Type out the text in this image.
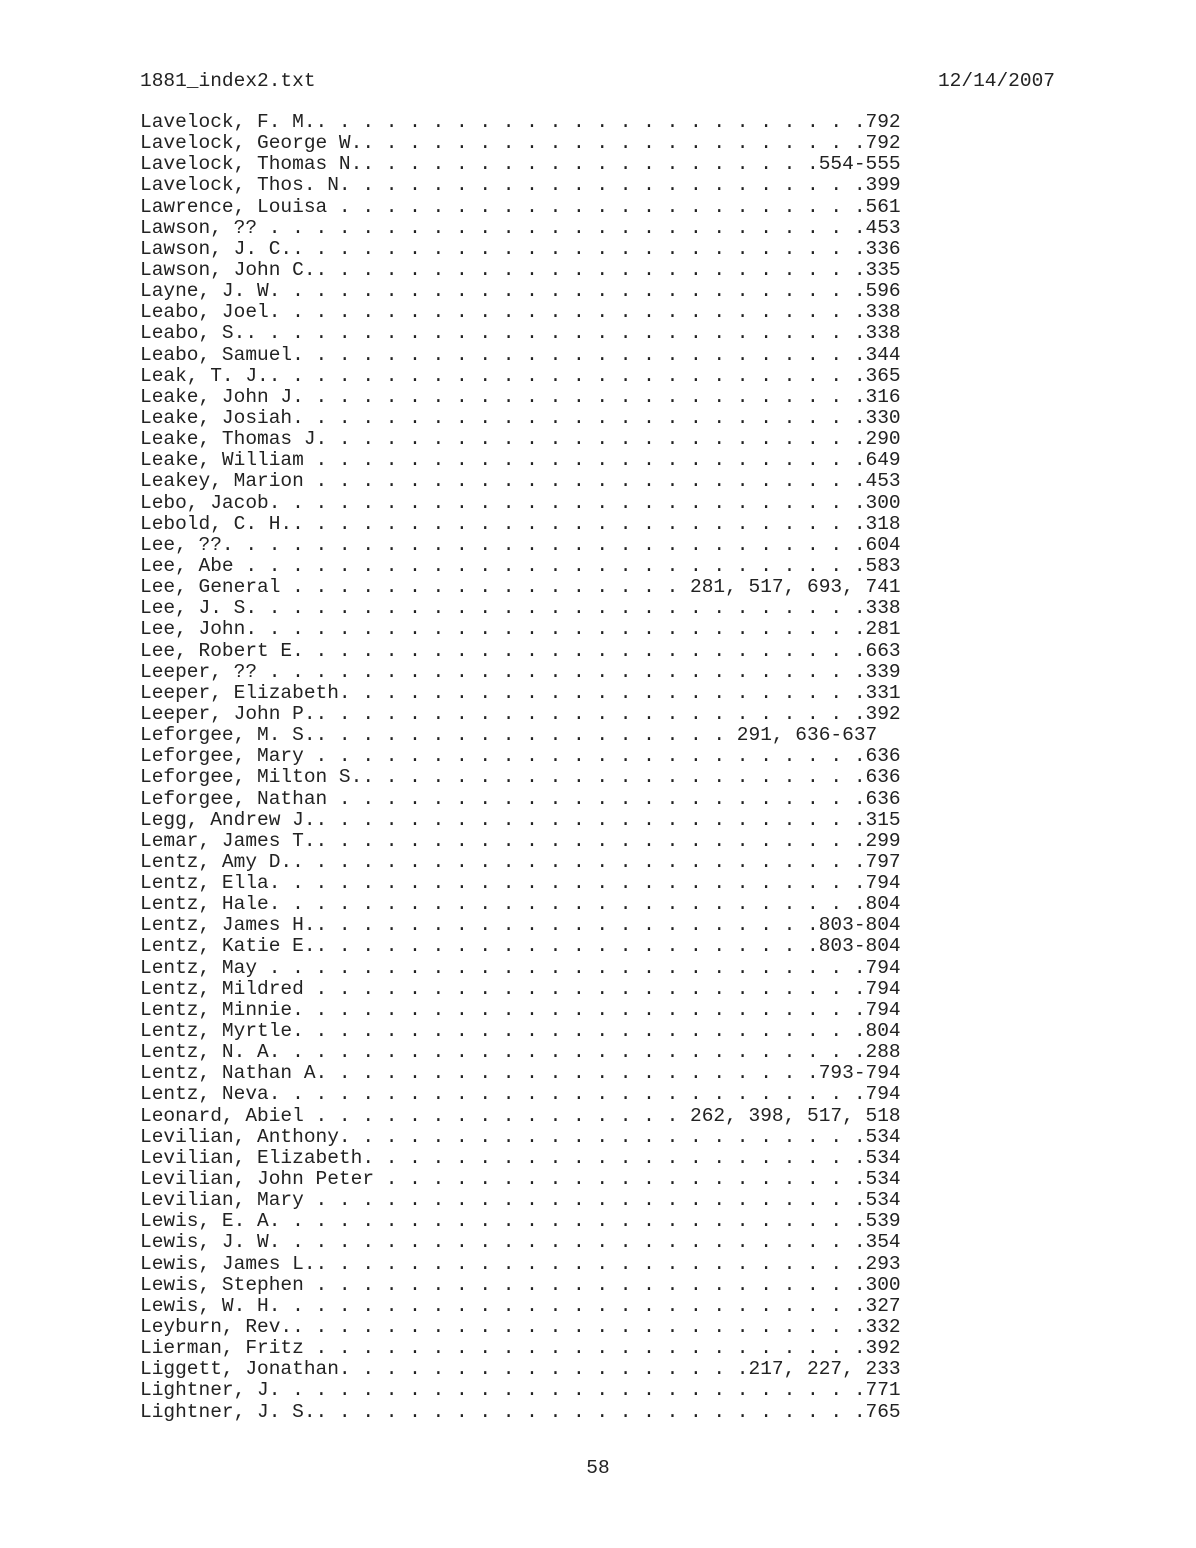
1881_index2.txt	12/14/2007
Lavelock, F. M.. . . . . . . . . . . . . . . . . . . . . . . .792
Lavelock, George W.. . . . . . . . . . . . . . . . . . . . . .792
Lavelock, Thomas N.. . . . . . . . . . . . . . . . . . . .554-555
Lavelock, Thos. N. . . . . . . . . . . . . . . . . . . . . . .399
Lawrence, Louisa . . . . . . . . . . . . . . . . . . . . . . .561
Lawson, ?? . . . . . . . . . . . . . . . . . . . . . . . . . .453
Lawson, J. C.. . . . . . . . . . . . . . . . . . . . . . . . .336
Lawson, John C.. . . . . . . . . . . . . . . . . . . . . . . .335
Layne, J. W. . . . . . . . . . . . . . . . . . . . . . . . . .596
Leabo, Joel. . . . . . . . . . . . . . . . . . . . . . . . . .338
Leabo, S.. . . . . . . . . . . . . . . . . . . . . . . . . . .338
Leabo, Samuel. . . . . . . . . . . . . . . . . . . . . . . . .344
Leak, T. J.. . . . . . . . . . . . . . . . . . . . . . . . . .365
Leake, John J. . . . . . . . . . . . . . . . . . . . . . . . .316
Leake, Josiah. . . . . . . . . . . . . . . . . . . . . . . . .330
Leake, Thomas J. . . . . . . . . . . . . . . . . . . . . . . .290
Leake, William . . . . . . . . . . . . . . . . . . . . . . . .649
Leakey, Marion . . . . . . . . . . . . . . . . . . . . . . . .453
Lebo, Jacob. . . . . . . . . . . . . . . . . . . . . . . . . .300
Lebold, C. H.. . . . . . . . . . . . . . . . . . . . . . . . .318
Lee, ??. . . . . . . . . . . . . . . . . . . . . . . . . . . .604
Lee, Abe . . . . . . . . . . . . . . . . . . . . . . . . . . .583
Lee, General . . . . . . . . . . . . . . . . . 281, 517, 693, 741
Lee, J. S. . . . . . . . . . . . . . . . . . . . . . . . . . .338
Lee, John. . . . . . . . . . . . . . . . . . . . . . . . . . .281
Lee, Robert E. . . . . . . . . . . . . . . . . . . . . . . . .663
Leeper, ?? . . . . . . . . . . . . . . . . . . . . . . . . . .339
Leeper, Elizabeth. . . . . . . . . . . . . . . . . . . . . . .331
Leeper, John P.. . . . . . . . . . . . . . . . . . . . . . . .392
Leforgee, M. S.. . . . . . . . . . . . . . . . . . 291, 636-637
Leforgee, Mary . . . . . . . . . . . . . . . . . . . . . . . .636
Leforgee, Milton S.. . . . . . . . . . . . . . . . . . . . . .636
Leforgee, Nathan . . . . . . . . . . . . . . . . . . . . . . .636
Legg, Andrew J.. . . . . . . . . . . . . . . . . . . . . . . .315
Lemar, James T.. . . . . . . . . . . . . . . . . . . . . . . .299
Lentz, Amy D.. . . . . . . . . . . . . . . . . . . . . . . . .797
Lentz, Ella. . . . . . . . . . . . . . . . . . . . . . . . . .794
Lentz, Hale. . . . . . . . . . . . . . . . . . . . . . . . . .804
Lentz, James H.. . . . . . . . . . . . . . . . . . . . . .803-804
Lentz, Katie E.. . . . . . . . . . . . . . . . . . . . . .803-804
Lentz, May . . . . . . . . . . . . . . . . . . . . . . . . . .794
Lentz, Mildred . . . . . . . . . . . . . . . . . . . . . . . .794
Lentz, Minnie. . . . . . . . . . . . . . . . . . . . . . . . .794
Lentz, Myrtle. . . . . . . . . . . . . . . . . . . . . . . . .804
Lentz, N. A. . . . . . . . . . . . . . . . . . . . . . . . . .288
Lentz, Nathan A. . . . . . . . . . . . . . . . . . . . . .793-794
Lentz, Neva. . . . . . . . . . . . . . . . . . . . . . . . . .794
Leonard, Abiel . . . . . . . . . . . . . . . . 262, 398, 517, 518
Levilian, Anthony. . . . . . . . . . . . . . . . . . . . . . .534
Levilian, Elizabeth. . . . . . . . . . . . . . . . . . . . . .534
Levilian, John Peter . . . . . . . . . . . . . . . . . . . . .534
Levilian, Mary . . . . . . . . . . . . . . . . . . . . . . . .534
Lewis, E. A. . . . . . . . . . . . . . . . . . . . . . . . . .539
Lewis, J. W. . . . . . . . . . . . . . . . . . . . . . . . . .354
Lewis, James L.. . . . . . . . . . . . . . . . . . . . . . . .293
Lewis, Stephen . . . . . . . . . . . . . . . . . . . . . . . .300
Lewis, W. H. . . . . . . . . . . . . . . . . . . . . . . . . .327
Leyburn, Rev.. . . . . . . . . . . . . . . . . . . . . . . . .332
Lierman, Fritz . . . . . . . . . . . . . . . . . . . . . . . .392
Liggett, Jonathan. . . . . . . . . . . . . . . . . .217, 227, 233
Lightner, J. . . . . . . . . . . . . . . . . . . . . . . . . .771
Lightner, J. S.. . . . . . . . . . . . . . . . . . . . . . . .765
58
